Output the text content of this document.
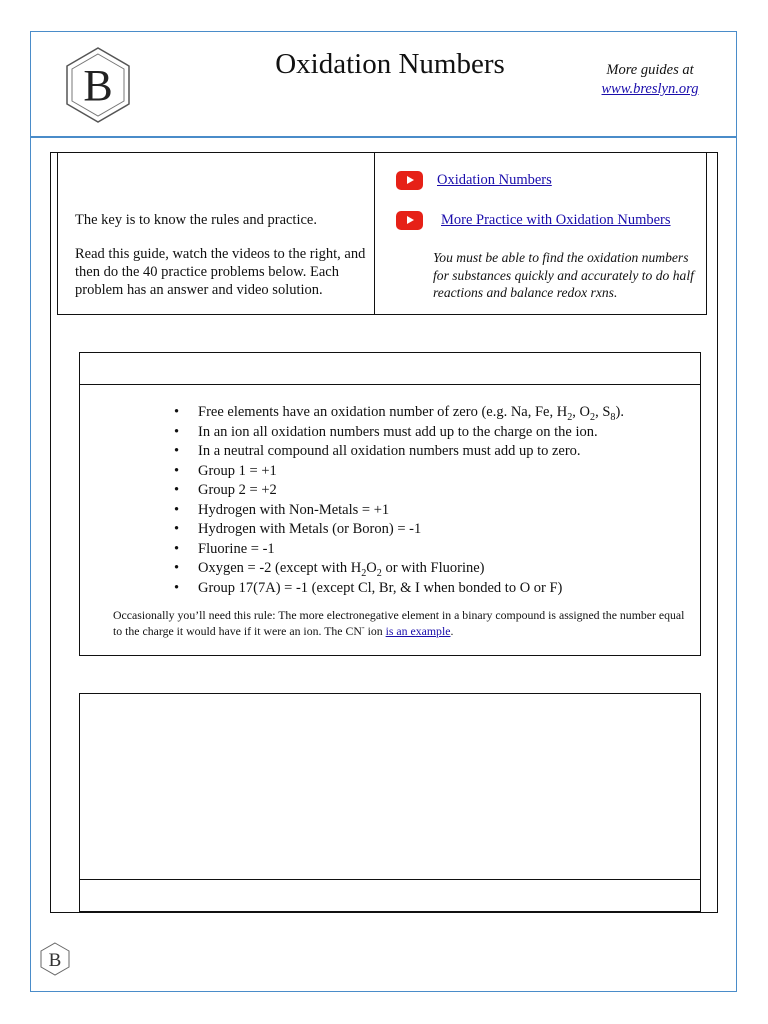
B	Oxidation Numbers	More guides at
www.breslyn.org

The key is to know the rules and practice.

Read this guide, watch the videos to the right, and then do the 40 practice problems below. Each problem has an answer and video solution.

Oxidation Numbers
More Practice with Oxidation Numbers
You must be able to find the oxidation numbers for substances quickly and accurately to do half reactions and balance redox rxns.
• Free elements have an oxidation number of zero (e.g. Na, Fe, $H_2$, $O_2$, $S_8$).
• In an ion all oxidation numbers must add up to the charge on the ion.
• In a neutral compound all oxidation numbers must add up to zero.
• Group 1 = +1
• Group 2 = +2
• Hydrogen with Non-Metals = +1
• Hydrogen with Metals (or Boron) = -1
• Fluorine = -1
• Oxygen = -2 (except with $H_2O_2$ or with Fluorine)
• Group 17(7A) = -1 (except Cl, Br, & I when bonded to O or F)
Occasionally you’ll need this rule: The more electronegative element in a binary compound is assigned the number equal to the charge it would have if it were an ion. The CN- ion is an example.
B
